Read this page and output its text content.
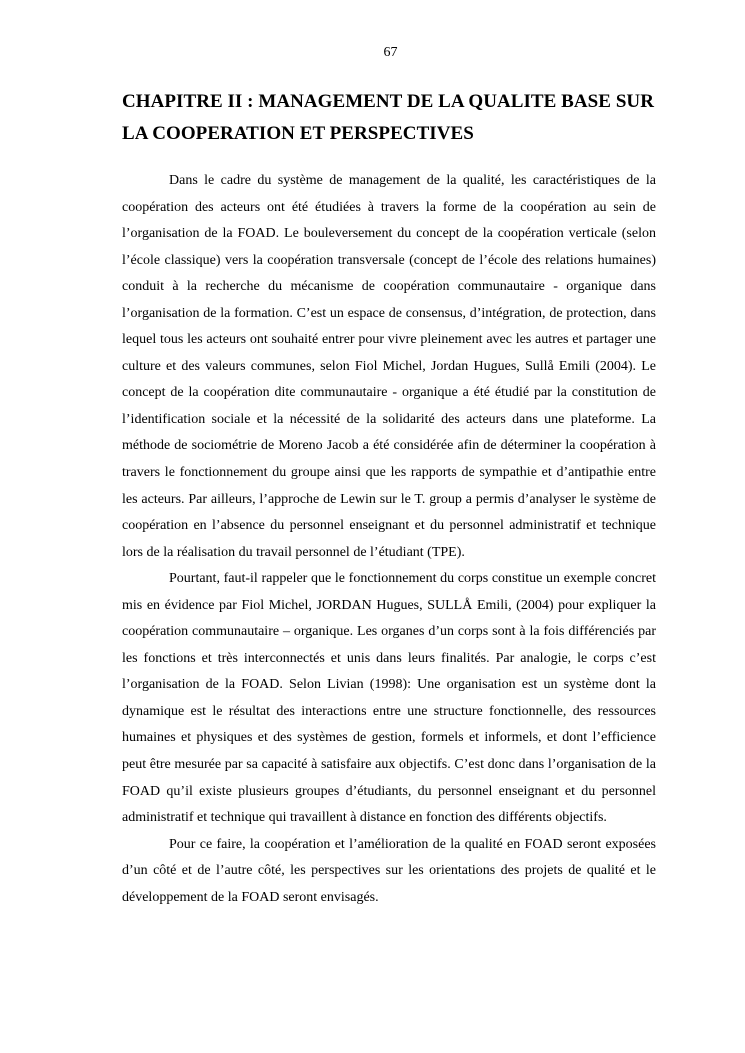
67
CHAPITRE II : MANAGEMENT DE LA QUALITE BASE SUR LA COOPERATION ET PERSPECTIVES

Dans le cadre du système de management de la qualité, les caractéristiques de la coopération des acteurs ont été étudiées à travers la forme de la coopération au sein de l’organisation de la FOAD. Le bouleversement du concept de la coopération verticale (selon l’école classique) vers la coopération transversale (concept de l’école des relations humaines) conduit à la recherche du mécanisme de coopération communautaire - organique dans l’organisation de la formation. C’est un espace de consensus, d’intégration, de protection, dans lequel tous les acteurs ont souhaité entrer pour vivre pleinement avec les autres et partager une culture et des valeurs communes, selon Fiol Michel, Jordan Hugues, Sullå Emili (2004). Le concept de la coopération dite communautaire - organique a été étudié par la constitution de l’identification sociale et la nécessité de la solidarité des acteurs dans une plateforme. La méthode de sociométrie de Moreno Jacob a été considérée afin de déterminer la coopération à travers le fonctionnement du groupe ainsi que les rapports de sympathie et d’antipathie entre les acteurs. Par ailleurs, l’approche de Lewin sur le T. group a permis d’analyser le système de coopération en l’absence du personnel enseignant et du personnel administratif et technique lors de la réalisation du travail personnel de l’étudiant (TPE).

Pourtant, faut-il rappeler que le fonctionnement du corps constitue un exemple concret mis en évidence par Fiol Michel, JORDAN Hugues, SULLÅ Emili, (2004) pour expliquer la coopération communautaire – organique. Les organes d’un corps sont à la fois différenciés par les fonctions et très interconnectés et unis dans leurs finalités. Par analogie, le corps c’est l’organisation de la FOAD. Selon Livian (1998): Une organisation est un système dont la dynamique est le résultat des interactions entre une structure fonctionnelle, des ressources humaines et physiques et des systèmes de gestion, formels et informels, et dont l’efficience peut être mesurée par sa capacité à satisfaire aux objectifs. C’est donc dans l’organisation de la FOAD qu’il existe plusieurs groupes d’étudiants, du personnel enseignant et du personnel administratif et technique qui travaillent à distance en fonction des différents objectifs.

Pour ce faire, la coopération et l’amélioration de la qualité en FOAD seront exposées d’un côté et de l’autre côté, les perspectives sur les orientations des projets de qualité et le développement de la FOAD seront envisagés.
